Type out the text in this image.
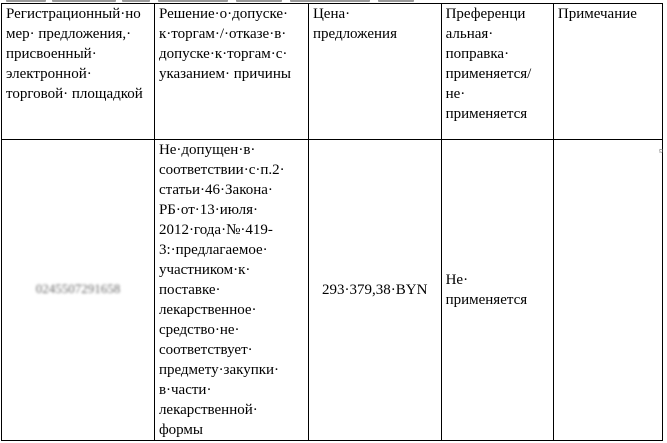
Регистрационный·номер· предложения,· присвоенный· электронной· торговой· площадкой	Решение·о·допуске· к·торгам·/·отказе·в· допуске·к·торгам·с· указанием· причины	Цена· предложения	Преференци альная· поправка· применяется/ не· применяется	Примечание

0245507291658	Не·допущен·в· соответствии·с·п.2· статьи·46·Закона· РБ·от·13·июля· 2012·года·№·419- 3:·предлагаемое· участником·к· поставке· лекарственное· средство·не· соответствует· предмету·закупки· в·части· лекарственной· формы	293·379,38·BYN	Не· применяется	

¤
